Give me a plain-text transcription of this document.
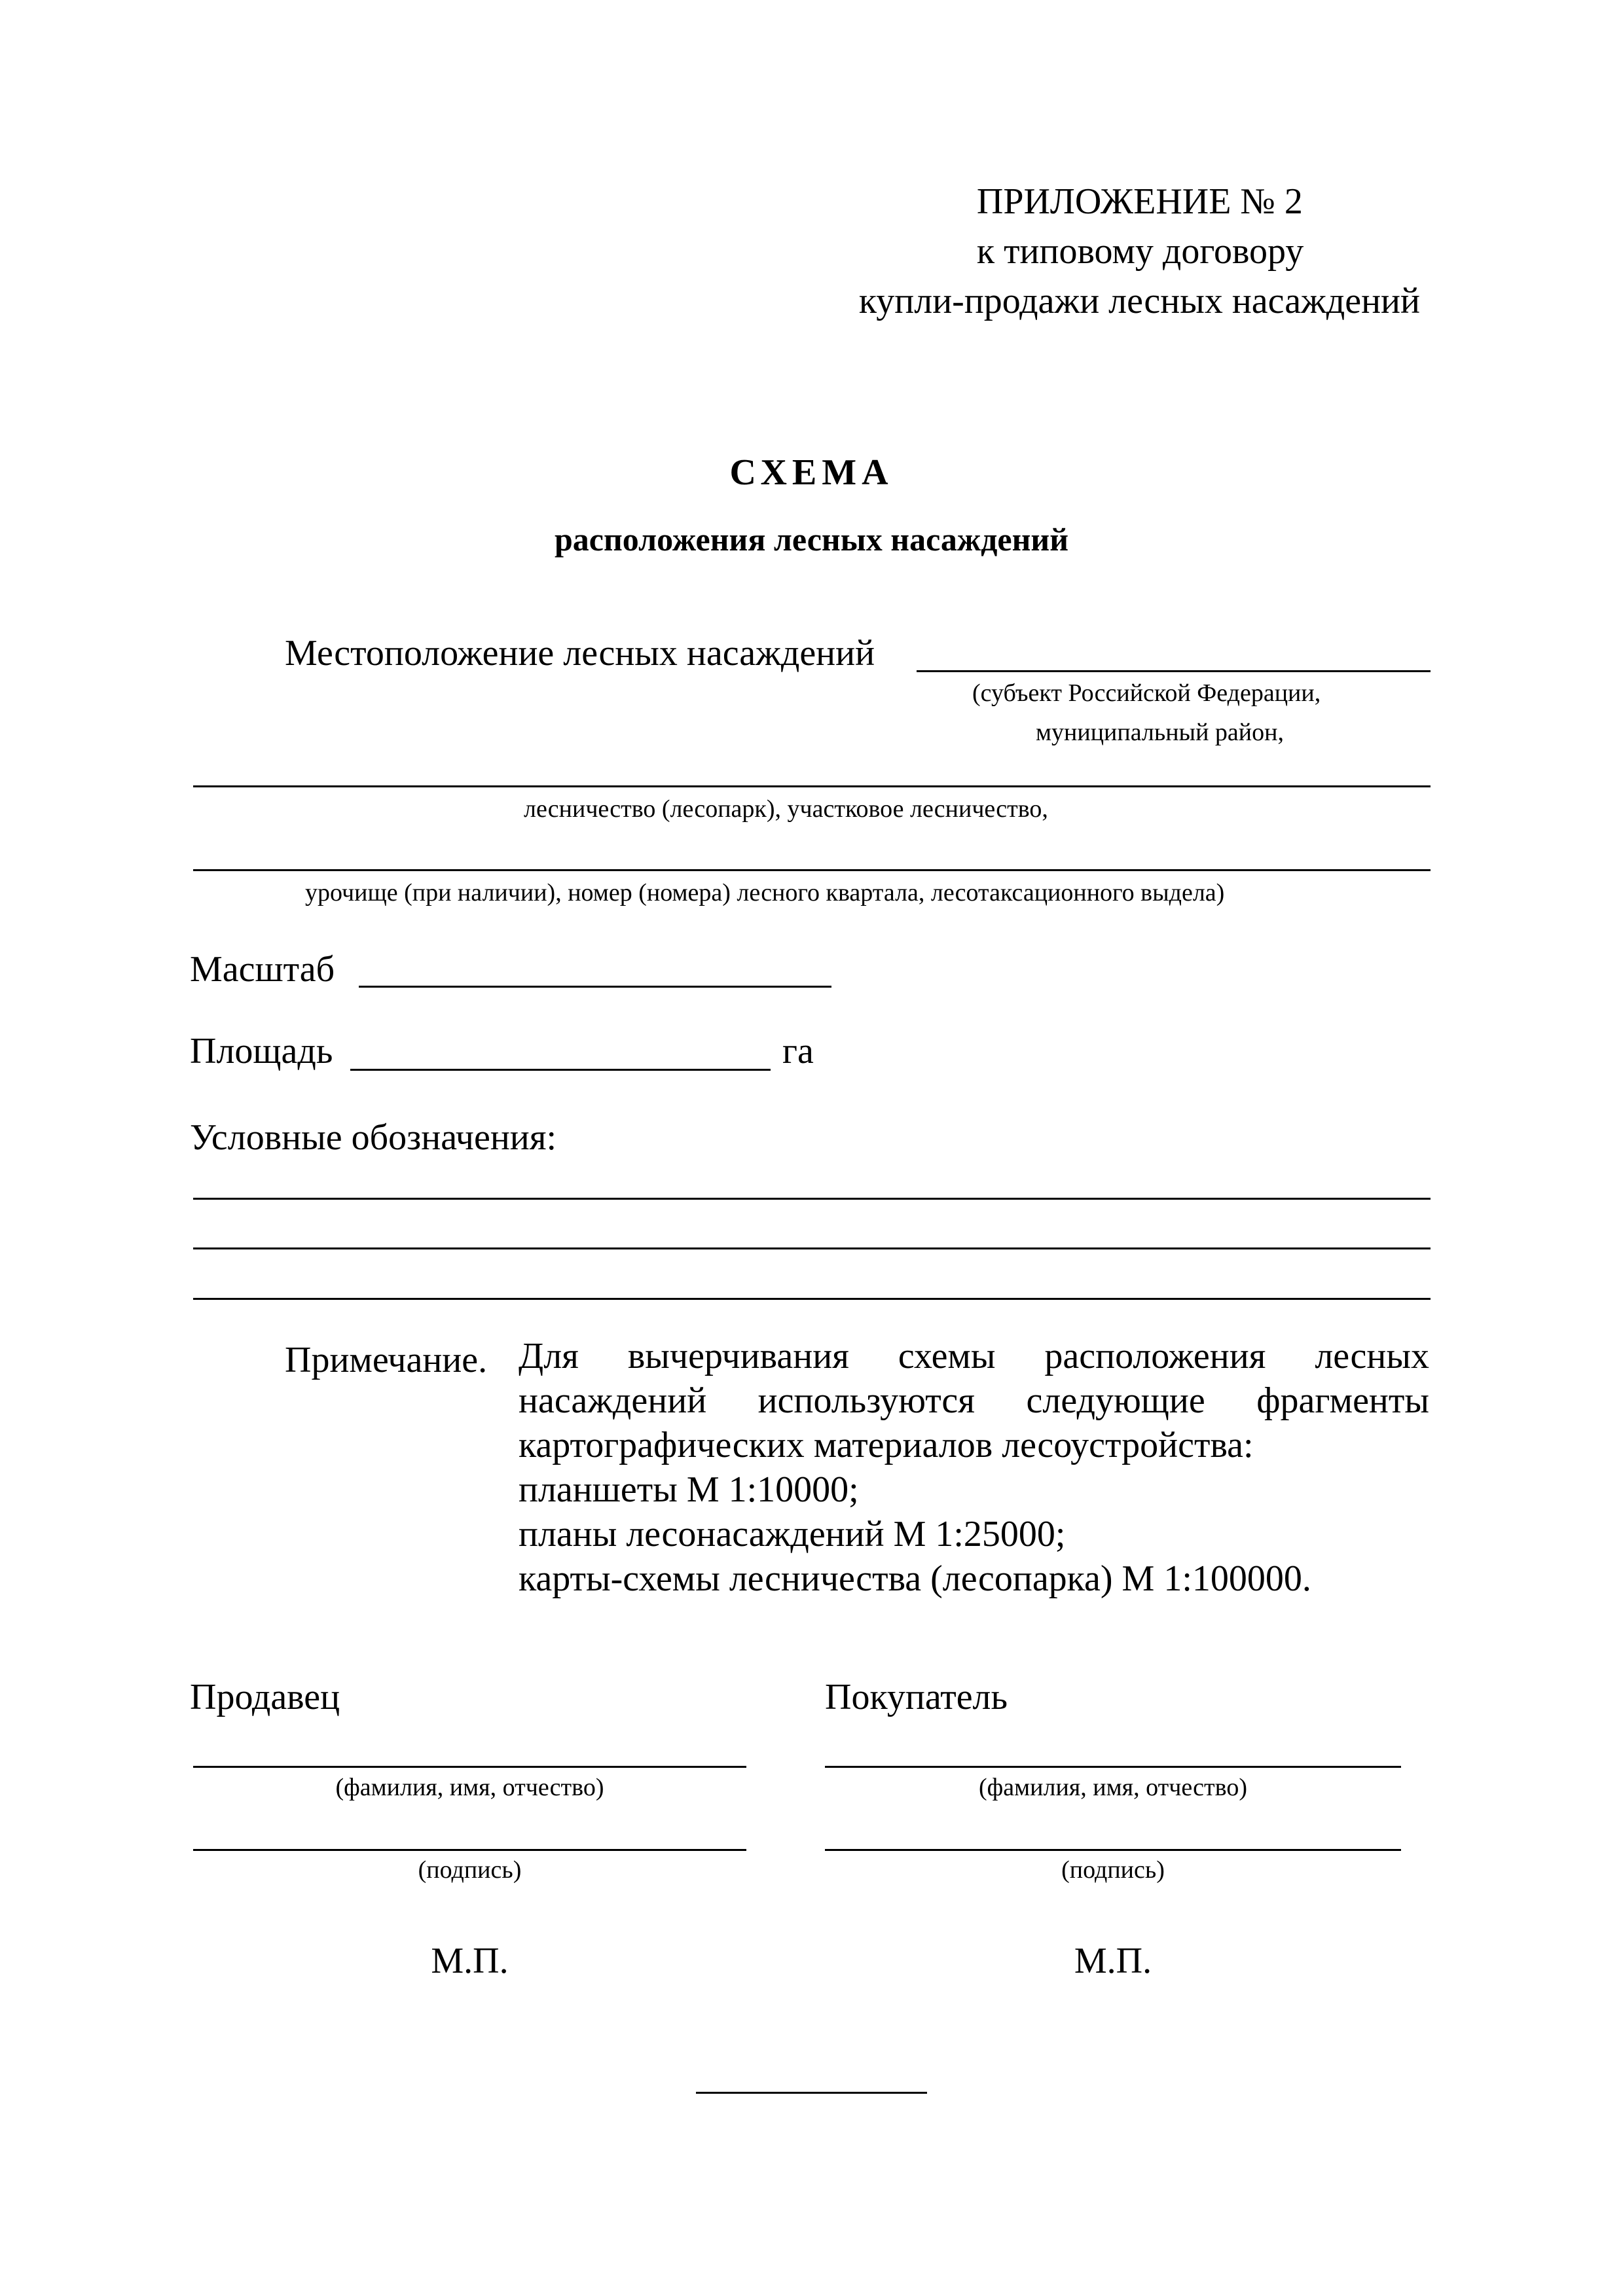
ПРИЛОЖЕНИЕ № 2
к типовому договору
купли-продажи лесных насаждений
СХЕМА
расположения лесных насаждений
Местоположение лесных насаждений
(субъект Российской Федерации,
муниципальный район,
лесничество (лесопарк), участковое лесничество,
урочище (при наличии), номер (номера) лесного квартала, лесотаксационного выдела)
Масштаб
Площадь	га
Условные обозначения:
Примечание. Для вычерчивания схемы расположения лесных
насаждений используются следующие фрагменты
картографических материалов лесоустройства:
планшеты М 1:10000;
планы лесонасаждений М 1:25000;
карты-схемы лесничества (лесопарка) М 1:100000.
Продавец
(фамилия, имя, отчество)
(подпись)
М.П.
Покупатель
(фамилия, имя, отчество)
(подпись)
М.П.
